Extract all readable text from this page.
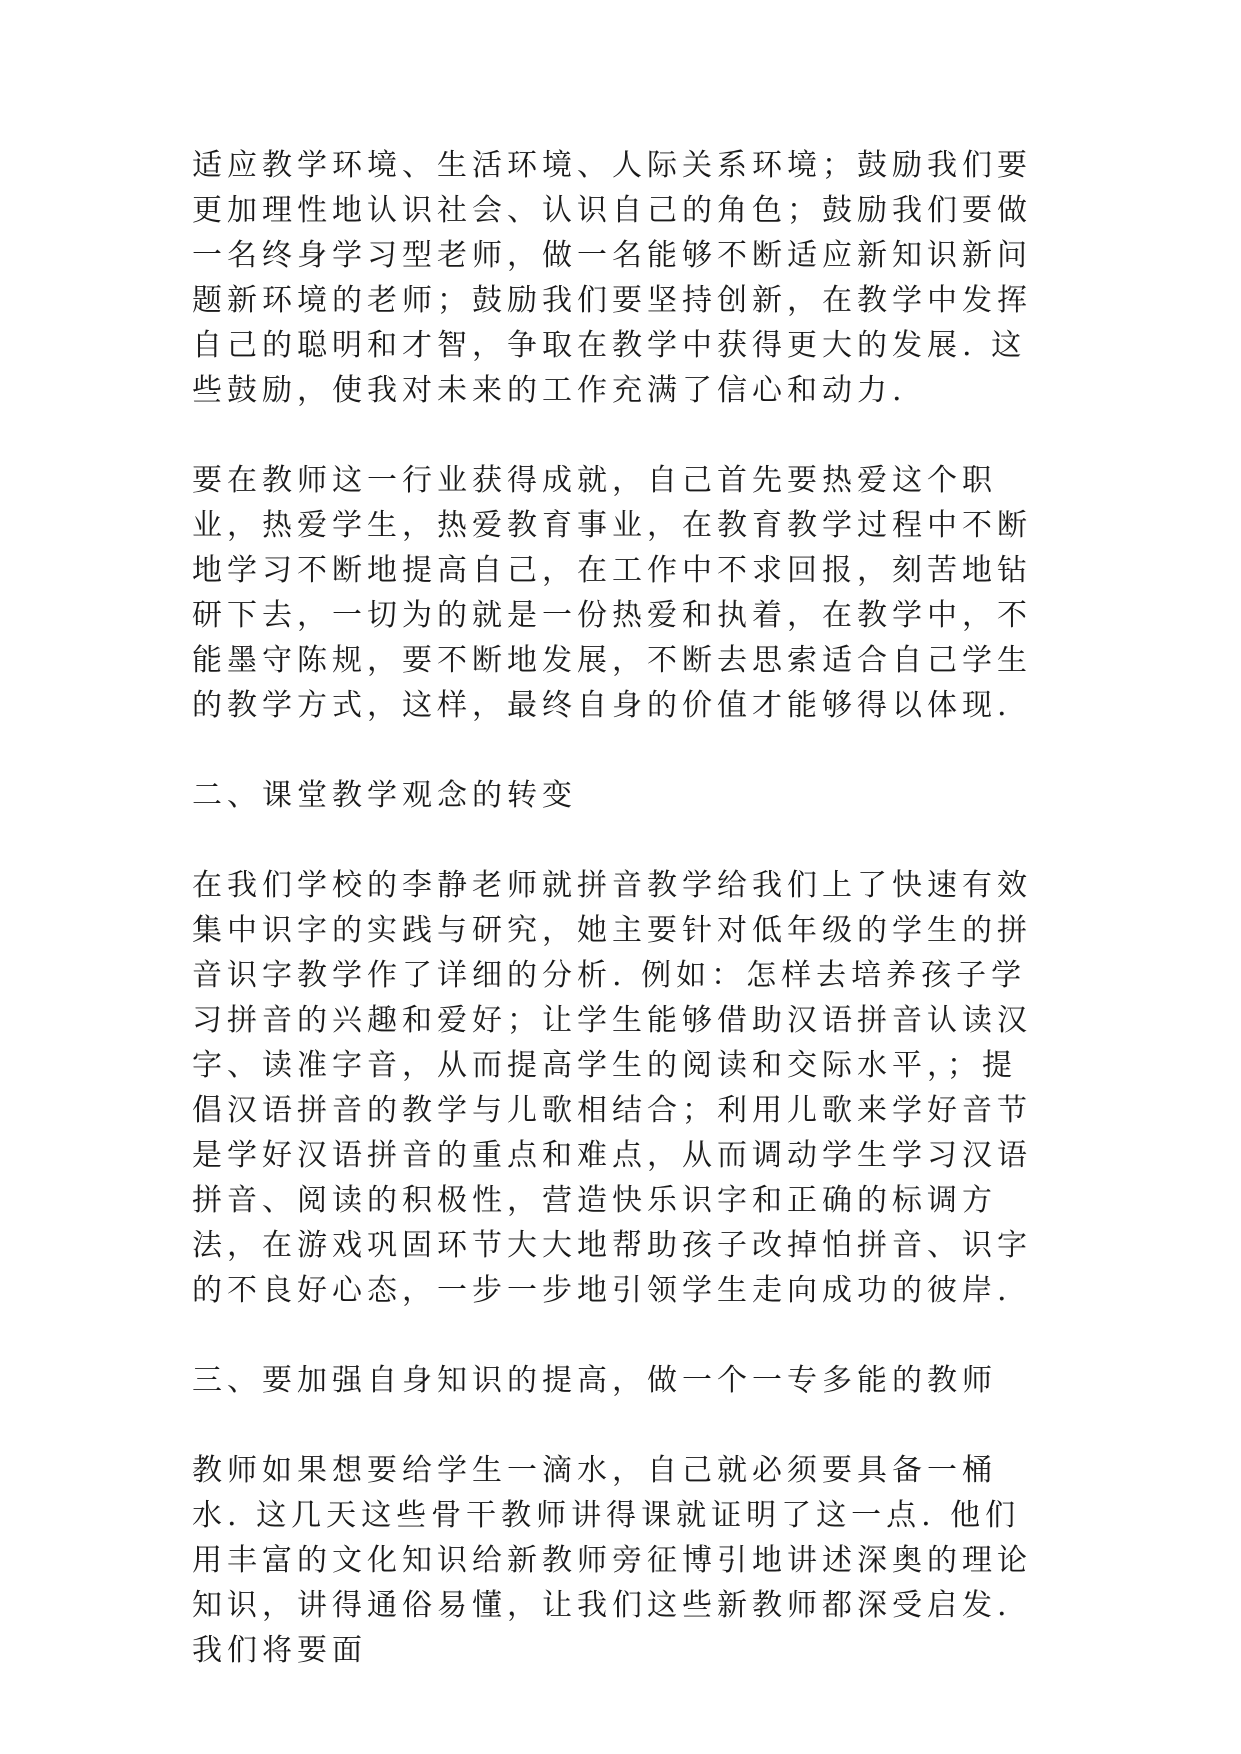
适应教学环境、生活环境、人际关系环境；鼓励我们要更加理性地认识社会、认识自己的角色；鼓励我们要做一名终身学习型老师，做一名能够不断适应新知识新问题新环境的老师；鼓励我们要坚持创新，在教学中发挥自己的聪明和才智，争取在教学中获得更大的发展. 这些鼓励，使我对未来的工作充满了信心和动力.

要在教师这一行业获得成就，自己首先要热爱这个职业，热爱学生，热爱教育事业，在教育教学过程中不断地学习不断地提高自己，在工作中不求回报，刻苦地钻研下去，一切为的就是一份热爱和执着，在教学中，不能墨守陈规，要不断地发展，不断去思索适合自己学生的教学方式，这样，最终自身的价值才能够得以体现.

二、课堂教学观念的转变

在我们学校的李静老师就拼音教学给我们上了快速有效集中识字的实践与研究，她主要针对低年级的学生的拼音识字教学作了详细的分析. 例如：怎样去培养孩子学习拼音的兴趣和爱好；让学生能够借助汉语拼音认读汉字、读准字音，从而提高学生的阅读和交际水平，；提倡汉语拼音的教学与儿歌相结合；利用儿歌来学好音节是学好汉语拼音的重点和难点，从而调动学生学习汉语拼音、阅读的积极性，营造快乐识字和正确的标调方法，在游戏巩固环节大大地帮助孩子改掉怕拼音、识字的不良好心态，一步一步地引领学生走向成功的彼岸.

三、要加强自身知识的提高，做一个一专多能的教师

教师如果想要给学生一滴水，自己就必须要具备一桶水. 这几天这些骨干教师讲得课就证明了这一点. 他们用丰富的文化知识给新教师旁征博引地讲述深奥的理论知识，讲得通俗易懂，让我们这些新教师都深受启发. 我们将要面
